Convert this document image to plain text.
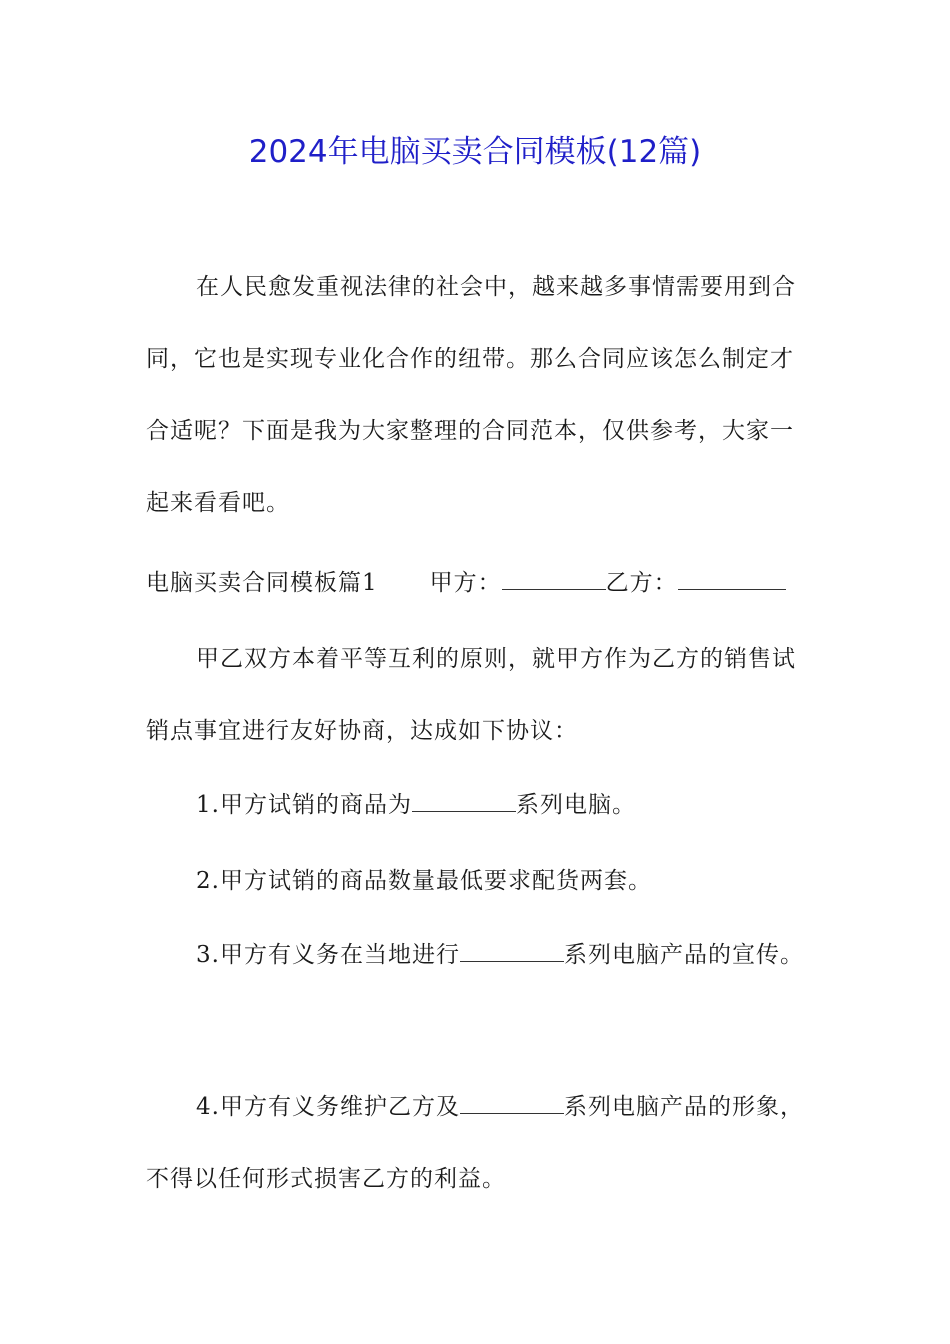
2024年电脑买卖合同模板(12篇)
在人民愈发重视法律的社会中，越来越多事情需要用到合
同，它也是实现专业化合作的纽带。那么合同应该怎么制定才
合适呢？下面是我为大家整理的合同范本，仅供参考，大家一
起来看看吧。
电脑买卖合同模板篇1 甲方：	乙方：
甲乙双方本着平等互利的原则，就甲方作为乙方的销售试
销点事宜进行友好协商，达成如下协议：
1.甲方试销的商品为	系列电脑。
2.甲方试销的商品数量最低要求配货两套。
3.甲方有义务在当地进行	系列电脑产品的宣传。
4.甲方有义务维护乙方及	系列电脑产品的形象，
不得以任何形式损害乙方的利益。
